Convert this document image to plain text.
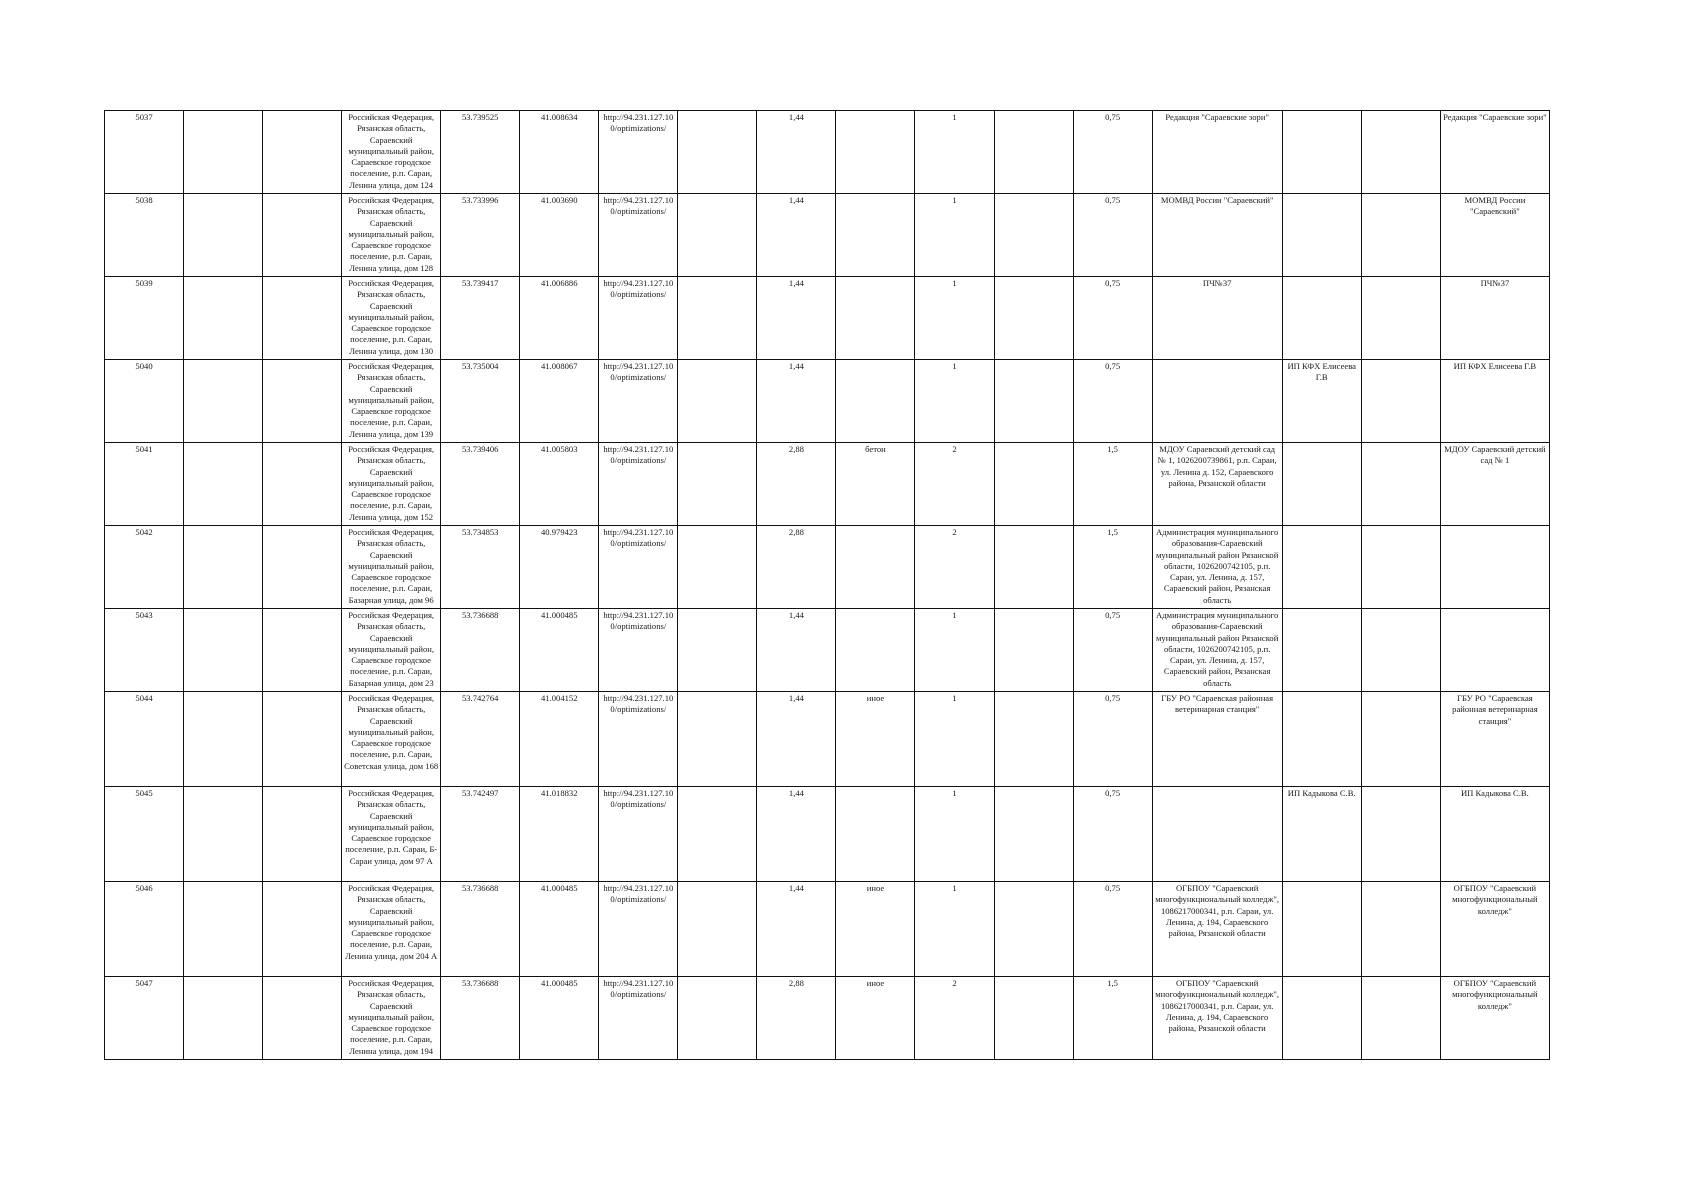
5037			Российская Федерация, Рязанская область, Сараевский муниципальный район, Сараевское городское поселение, р.п. Сараи, Ленина улица, дом 124	53.739525	41.008634	http://94.231.127.100/optimizations/		1,44		1		0,75	Редакция "Сараевские зори"			Редакция "Сараевские зори"
5038			Российская Федерация, Рязанская область, Сараевский муниципальный район, Сараевское городское поселение, р.п. Сараи, Ленина улица, дом 128	53.733996	41.003690	http://94.231.127.100/optimizations/		1,44		1		0,75	МОМВД России "Сараевский"			МОМВД России "Сараевский"
5039			Российская Федерация, Рязанская область, Сараевский муниципальный район, Сараевское городское поселение, р.п. Сараи, Ленина улица, дом 130	53.739417	41.006886	http://94.231.127.100/optimizations/		1,44		1		0,75	ПЧ№37			ПЧ№37
5040			Российская Федерация, Рязанская область, Сараевский муниципальный район, Сараевское городское поселение, р.п. Сараи, Ленина улица, дом 139	53.735004	41.008067	http://94.231.127.100/optimizations/		1,44		1		0,75		ИП КФХ Елисеева Г.В		ИП КФХ Елисеева Г.В
5041			Российская Федерация, Рязанская область, Сараевский муниципальный район, Сараевское городское поселение, р.п. Сараи, Ленина улица, дом 152	53.739406	41.005803	http://94.231.127.100/optimizations/		2,88	бетон	2		1,5	МДОУ Сараевский детский сад № 1, 1026200739861, р.п. Сараи, ул. Ленина д. 152, Сараевского района, Рязанской области			МДОУ Сараевский детский сад № 1
5042			Российская Федерация, Рязанская область, Сараевский муниципальный район, Сараевское городское поселение, р.п. Сараи, Базарная улица, дом 96	53.734853	40.979423	http://94.231.127.100/optimizations/		2,88		2		1,5	Администрация муниципального образования-Сараевский муниципальный район Рязанской области, 1026200742105, р.п. Сараи, ул. Ленина, д. 157, Сараевский район, Рязанская область			
5043			Российская Федерация, Рязанская область, Сараевский муниципальный район, Сараевское городское поселение, р.п. Сараи, Базарная улица, дом 23	53.736688	41.000485	http://94.231.127.100/optimizations/		1,44		1		0,75	Администрация муниципального образования-Сараевский муниципальный район Рязанской области, 1026200742105, р.п. Сараи, ул. Ленина, д. 157, Сараевский район, Рязанская область			
5044			Российская Федерация, Рязанская область, Сараевский муниципальный район, Сараевское городское поселение, р.п. Сараи, Советская улица, дом 168	53.742764	41.004152	http://94.231.127.100/optimizations/		1,44	иное	1		0,75	ГБУ РО "Сараевская районная ветеринарная станция"			ГБУ РО "Сараевская районная ветеринарная станция"
5045			Российская Федерация, Рязанская область, Сараевский муниципальный район, Сараевское городское поселение, р.п. Сараи, Б-Сараи улица, дом 97 А	53.742497	41.018832	http://94.231.127.100/optimizations/		1,44		1		0,75		ИП Кадыкова С.В.		ИП Кадыкова С.В.
5046			Российская Федерация, Рязанская область, Сараевский муниципальный район, Сараевское городское поселение, р.п. Сараи, Ленина улица, дом 204 А	53.736688	41.000485	http://94.231.127.100/optimizations/		1,44	иное	1		0,75	ОГБПОУ "Сараевский многофункциональный колледж", 1086217000341, р.п. Сараи, ул. Ленина, д. 194, Сараевского района, Рязанской области			ОГБПОУ "Сараевский многофункциональный колледж"
5047			Российская Федерация, Рязанская область, Сараевский муниципальный район, Сараевское городское поселение, р.п. Сараи, Ленина улица, дом 194	53.736688	41.000485	http://94.231.127.100/optimizations/		2,88	иное	2		1,5	ОГБПОУ "Сараевский многофункциональный колледж", 1086217000341, р.п. Сараи, ул. Ленина, д. 194, Сараевского района, Рязанской области			ОГБПОУ "Сараевский многофункциональный колледж"
